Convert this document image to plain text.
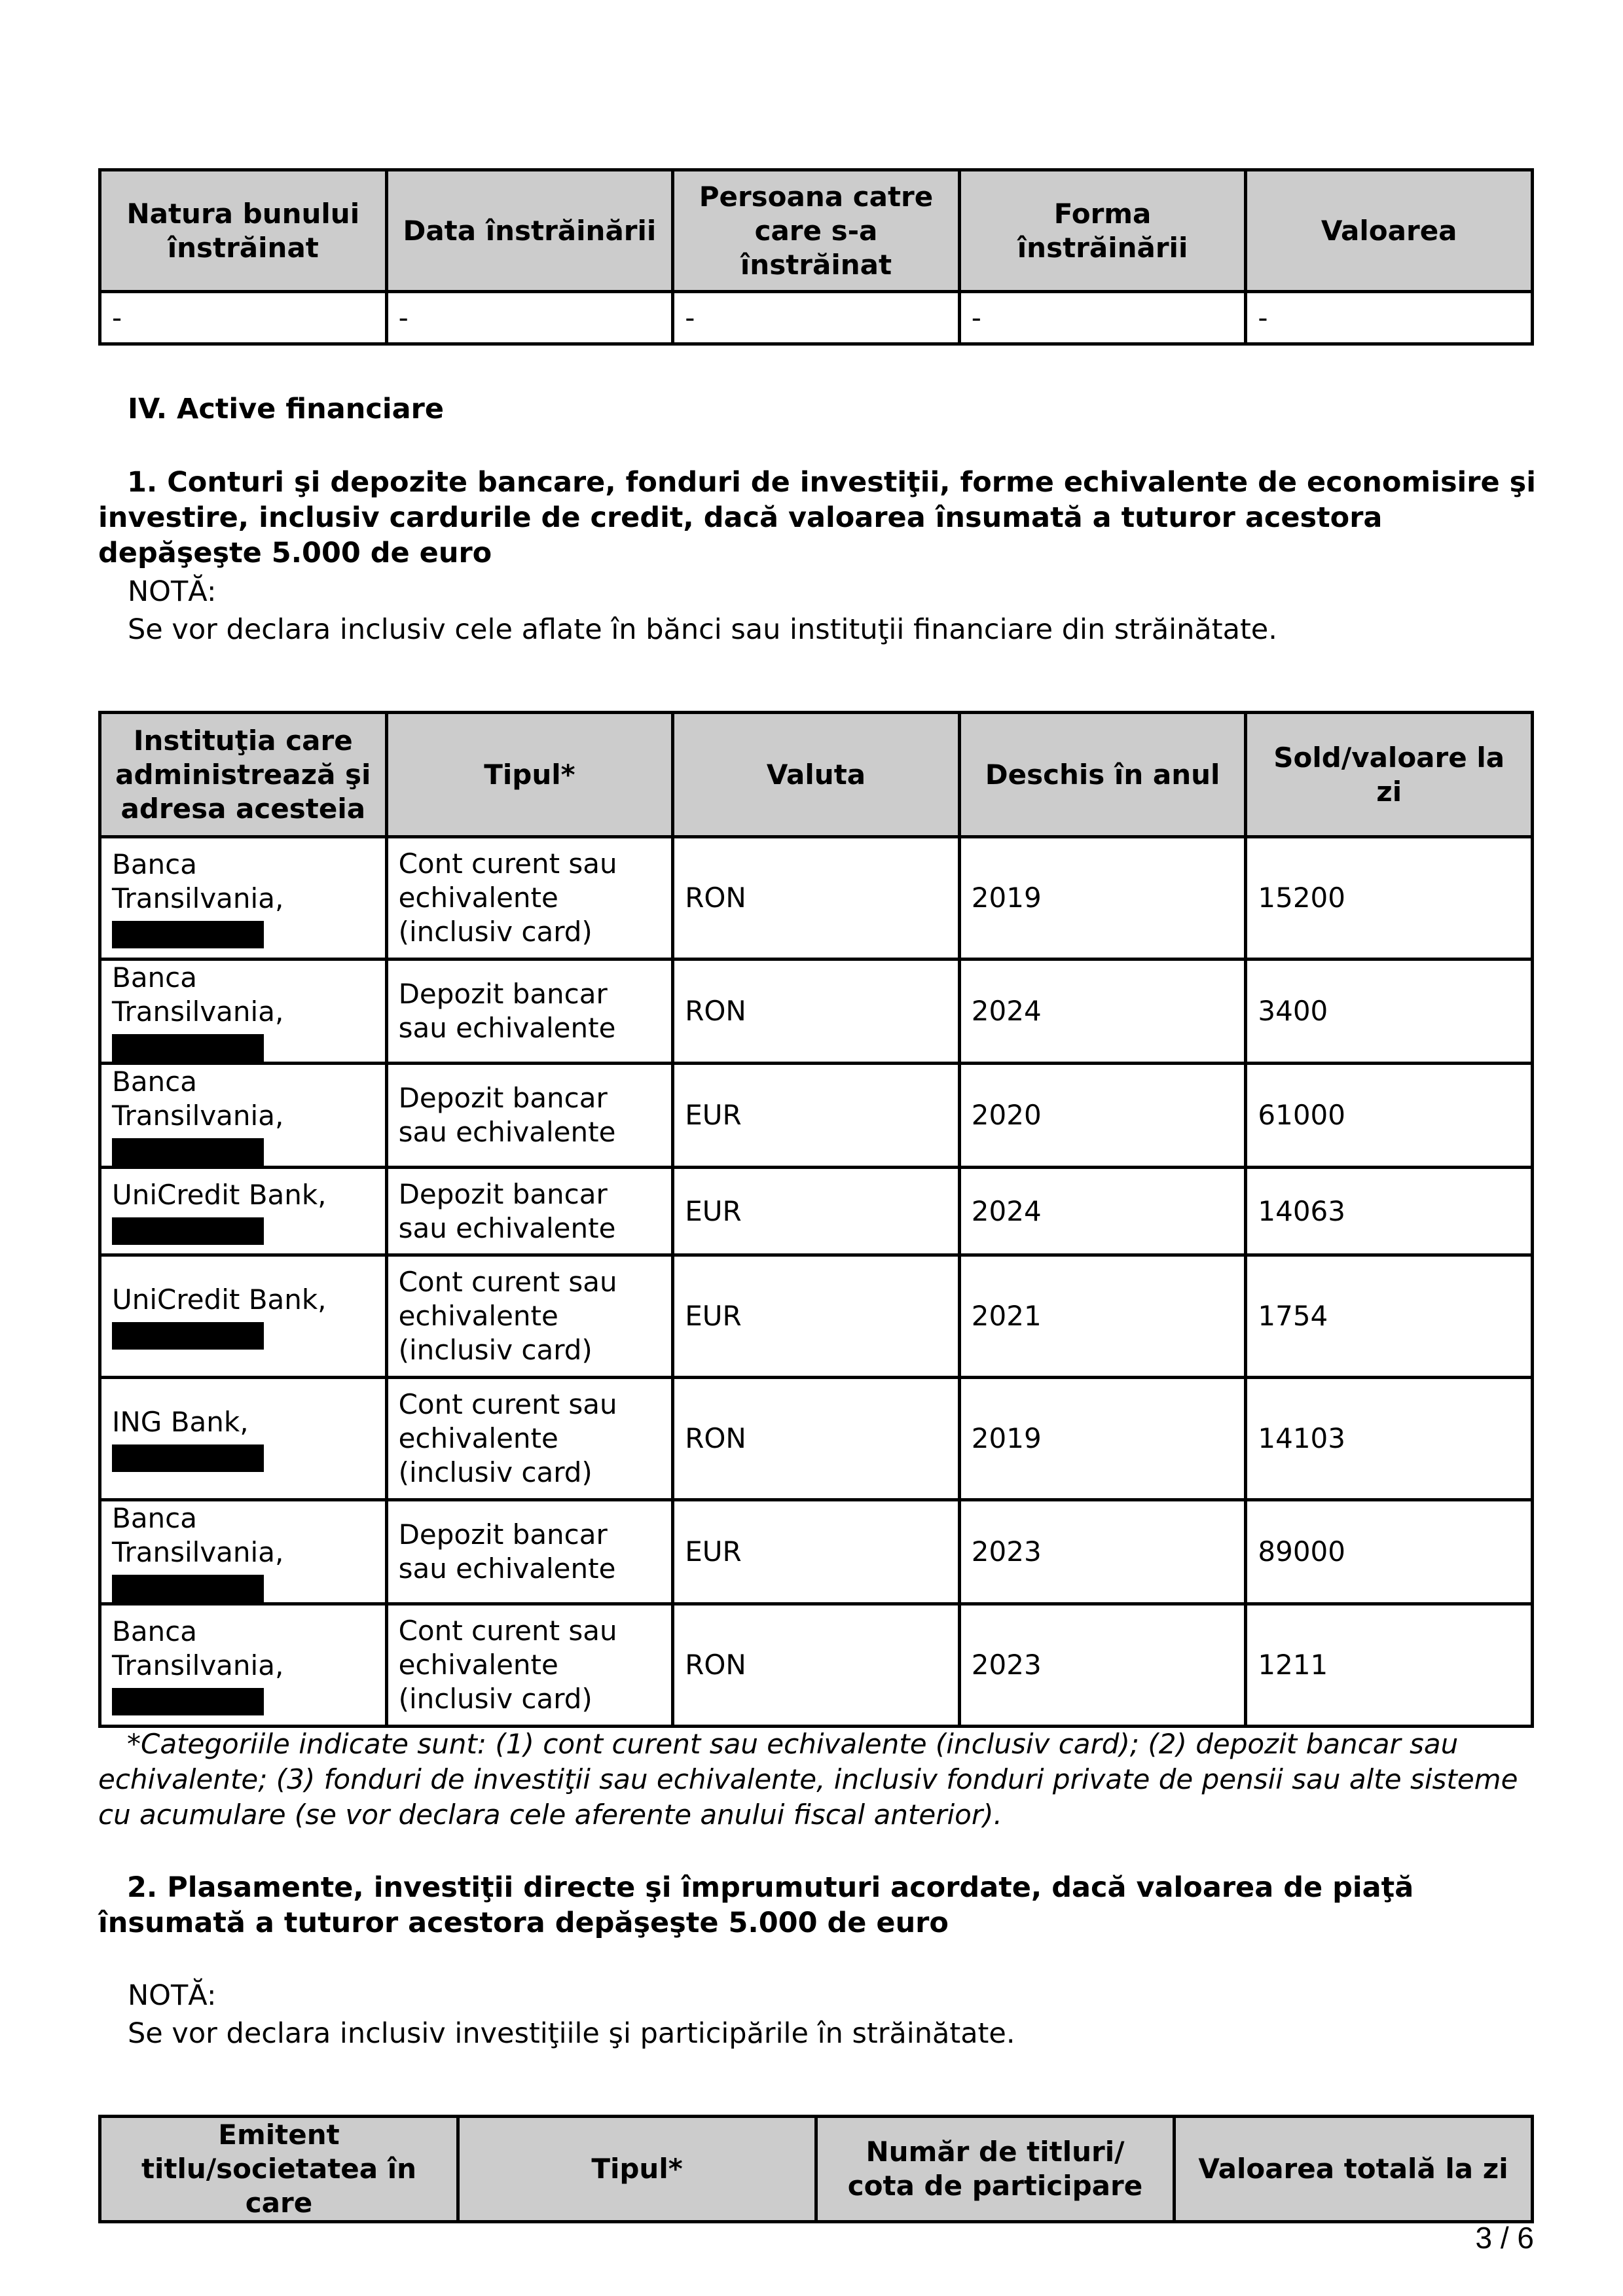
Natura bunului înstrăinat	Data înstrăinării	Persoana catre care s-a înstrăinat	Forma înstrăinării	Valoarea
-	-	-	-	-
IV. Active financiare
1. Conturi şi depozite bancare, fonduri de investiţii, forme echivalente de economisire şi investire, inclusiv cardurile de credit, dacă valoarea însumată a tuturor acestora depăşeşte 5.000 de euro
NOTĂ:
Se vor declara inclusiv cele aflate în bănci sau instituţii financiare din străinătate.
Instituţia care administrează şi adresa acesteia	Tipul*	Valuta	Deschis în anul	Sold/valoare la zi
Banca Transilvania,	Cont curent sau echivalente (inclusiv card)	RON	2019	15200
Banca Transilvania,	Depozit bancar sau echivalente	RON	2024	3400
Banca Transilvania,	Depozit bancar sau echivalente	EUR	2020	61000
UniCredit Bank,	Depozit bancar sau echivalente	EUR	2024	14063
UniCredit Bank,	Cont curent sau echivalente (inclusiv card)	EUR	2021	1754
ING Bank,	Cont curent sau echivalente (inclusiv card)	RON	2019	14103
Banca Transilvania,	Depozit bancar sau echivalente	EUR	2023	89000
Banca Transilvania,	Cont curent sau echivalente (inclusiv card)	RON	2023	1211
*Categoriile indicate sunt: (1) cont curent sau echivalente (inclusiv card); (2) depozit bancar sau echivalente; (3) fonduri de investiţii sau echivalente, inclusiv fonduri private de pensii sau alte sisteme cu acumulare (se vor declara cele aferente anului fiscal anterior).
2. Plasamente, investiţii directe şi împrumuturi acordate, dacă valoarea de piaţă însumată a tuturor acestora depăşeşte 5.000 de euro
NOTĂ:
Se vor declara inclusiv investiţiile şi participările în străinătate.
Emitent titlu/societatea în care	Tipul*	Număr de titluri/ cota de participare	Valoarea totală la zi
3 / 6
